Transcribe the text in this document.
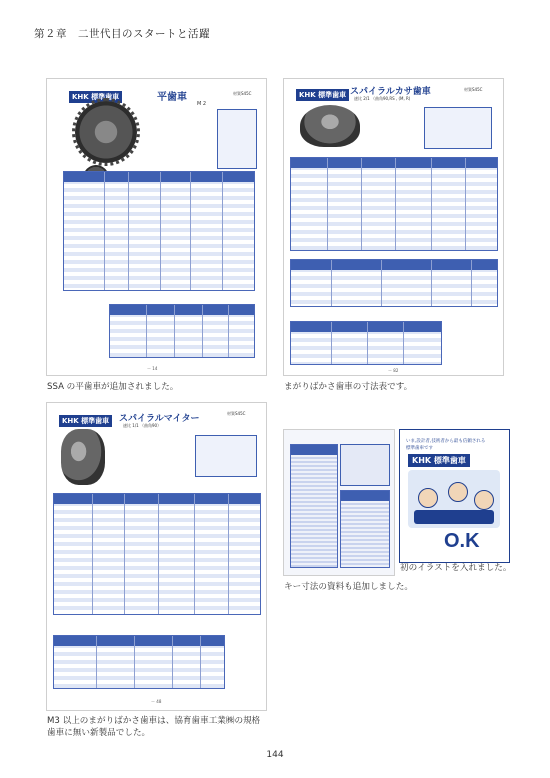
第２章　二世代目のスタートと活躍
KHK 標準歯車	平歯車
M 2
材質S45C
ー 14
KHK 標準歯車 スパイラルカサ歯車
速比 2/1 （曲角90,RS , (M, R)
材質S45C
ー 82
KHK 標準歯車	スパイラルマイター
速比 1/1 （曲角90）
材質S45C
ー 48
いま,設計者,技術者から最も信頼される
標準歯車です
KHK 標準歯車
O.K
SSA の平歯車が追加されました。	まがりばかさ歯車の寸法表です。
キー寸法の資料も追加しました。
初のイラストを入れました。
M3 以上のまがりばかさ歯車は、協育歯車工業㈱の規格
歯車に無い新製品でした。
144
